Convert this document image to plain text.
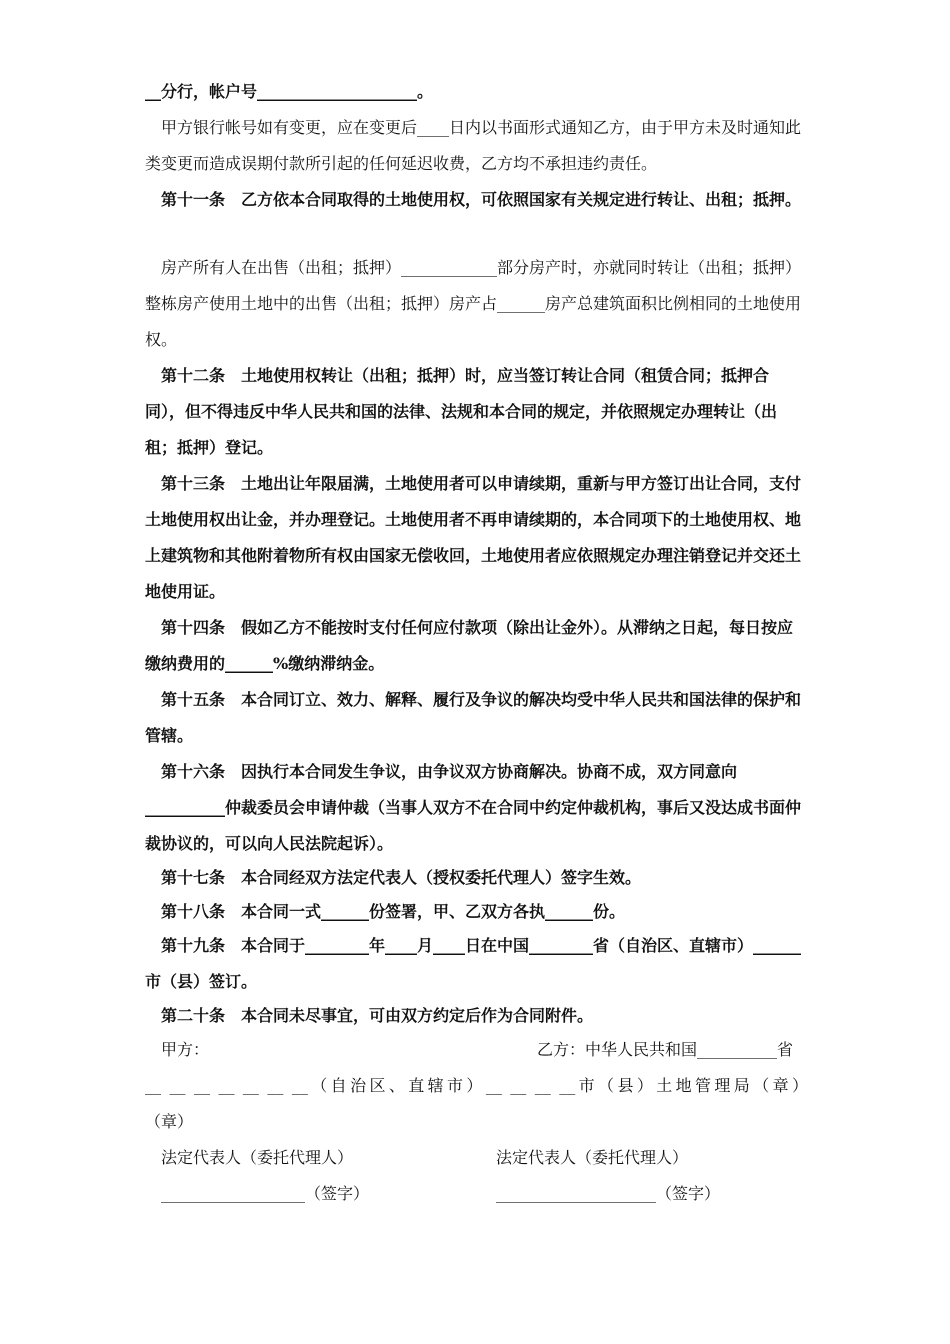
__分行，帐户号____________________。

甲方银行帐号如有变更，应在变更后____日内以书面形式通知乙方，由于甲方未及时通知此类变更而造成误期付款所引起的任何延迟收费，乙方均不承担违约责任。

第十一条　乙方依本合同取得的土地使用权，可依照国家有关规定进行转让、出租；抵押。

房产所有人在出售（出租；抵押）____________部分房产时，亦就同时转让（出租；抵押）整栋房产使用土地中的出售（出租；抵押）房产占______房产总建筑面积比例相同的土地使用权。

第十二条　土地使用权转让（出租；抵押）时，应当签订转让合同（租赁合同；抵押合同），但不得违反中华人民共和国的法律、法规和本合同的规定，并依照规定办理转让（出租；抵押）登记。

第十三条　土地出让年限届满，土地使用者可以申请续期，重新与甲方签订出让合同，支付土地使用权出让金，并办理登记。土地使用者不再申请续期的，本合同项下的土地使用权、地上建筑物和其他附着物所有权由国家无偿收回，土地使用者应依照规定办理注销登记并交还土地使用证。

第十四条　假如乙方不能按时支付任何应付款项（除出让金外）。从滞纳之日起，每日按应缴纳费用的______%缴纳滞纳金。

第十五条　本合同订立、效力、解释、履行及争议的解决均受中华人民共和国法律的保护和管辖。

第十六条　因执行本合同发生争议，由争议双方协商解决。协商不成，双方同意向__________仲裁委员会申请仲裁（当事人双方不在合同中约定仲裁机构，事后又没达成书面仲裁协议的，可以向人民法院起诉）。

第十七条　本合同经双方法定代表人（授权委托代理人）签字生效。

第十八条　本合同一式______份签署，甲、乙双方各执______份。

第十九条　本合同于________年____月____日在中国________省（自治区、直辖市）______市（县）签订。

第二十条　本合同未尽事宜，可由双方约定后作为合同附件。

甲方：	乙方：中华人民共和国__________省

__ __ __ __ __ __ __（自治区、直辖市）__ __ __ __市（县）土地管理局（章）

（章）
法定代表人（委托代理人）	法定代表人（委托代理人）
__________________（签字）	____________________（签字）
